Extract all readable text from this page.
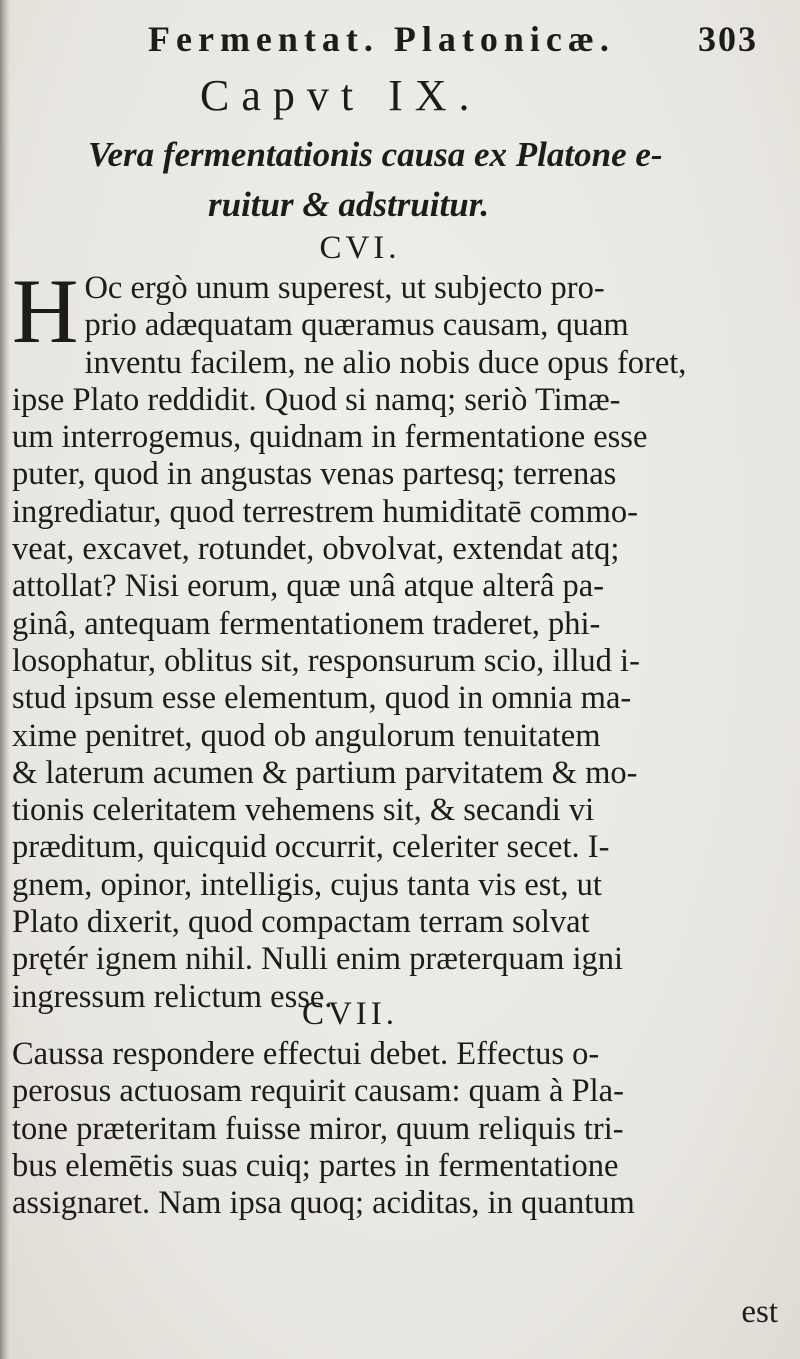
Fermentat. Platonicæ. 303
Capvt IX.
Vera fermentationis causa ex Platone e-
ruitur & adstruitur.
CVI.
H Oc ergò unum superest, ut subjecto pro-
prio adæquatam quæramus causam, quam
inventu facilem, ne alio nobis duce opus foret,
ipse Plato reddidit. Quod si namq; seriò Timæ-
um interrogemus, quidnam in fermentatione esse
puter, quod in angustas venas partesq; terrenas
ingrediatur, quod terrestrem humiditatē commo-
veat, excavet, rotundet, obvolvat, extendat atq;
attollat? Nisi eorum, quæ unâ atque alterâ pa-
ginâ, antequam fermentationem traderet, phi-
losophatur, oblitus sit, responsurum scio, illud i-
stud ipsum esse elementum, quod in omnia ma-
xime penitret, quod ob angulorum tenuitatem
& laterum acumen & partium parvitatem & mo-
tionis celeritatem vehemens sit, & secandi vi
præditum, quicquid occurrit, celeriter secet. I-
gnem, opinor, intelligis, cujus tanta vis est, ut
Plato dixerit, quod compactam terram solvat
prętér ignem nihil. Nulli enim præterquam igni
ingressum relictum esse.
CVII.
Caussa respondere effectui debet. Effectus o-
perosus actuosam requirit causam: quam à Pla-
tone præteritam fuisse miror, quum reliquis tri-
bus elemētis suas cuiq; partes in fermentatione
assignaret. Nam ipsa quoq; aciditas, in quantum
est
